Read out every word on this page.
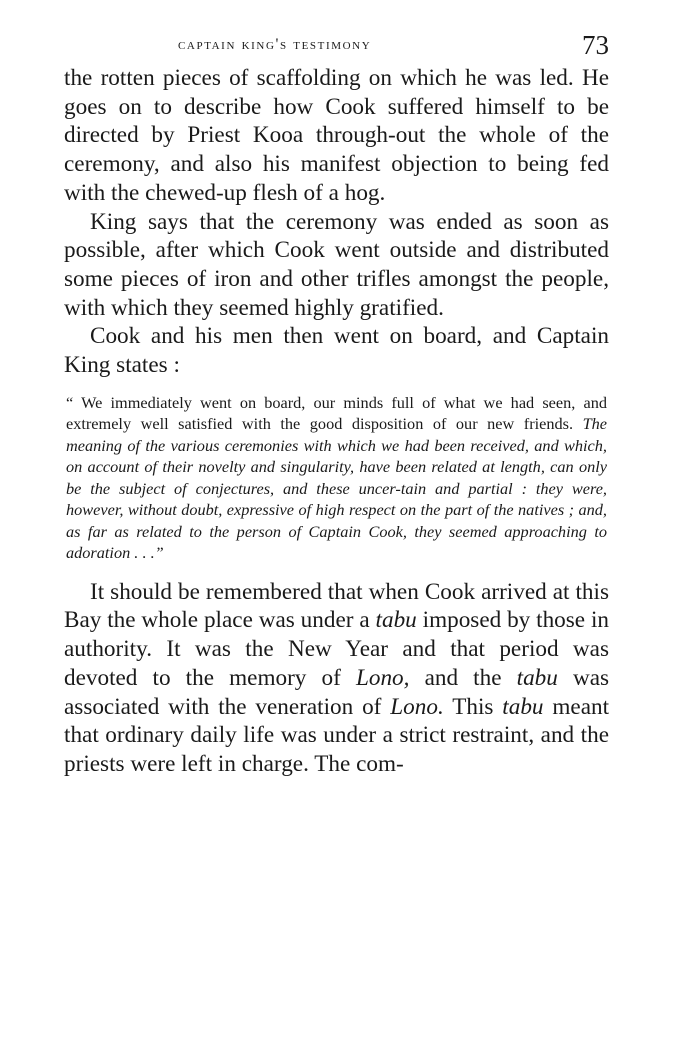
captain king's testimony	73

the rotten pieces of scaffolding on which he was led. He goes on to describe how Cook suffered himself to be directed by Priest Kooa through-out the whole of the ceremony, and also his manifest objection to being fed with the chewed-up flesh of a hog.

King says that the ceremony was ended as soon as possible, after which Cook went outside and distributed some pieces of iron and other trifles amongst the people, with which they seemed highly gratified.

Cook and his men then went on board, and Captain King states :

“ We immediately went on board, our minds full of what we had seen, and extremely well satisfied with the good disposition of our new friends. The meaning of the various ceremonies with which we had been received, and which, on account of their novelty and singularity, have been related at length, can only be the subject of conjectures, and these uncer-tain and partial : they were, however, without doubt, expressive of high respect on the part of the natives ; and, as far as related to the person of Captain Cook, they seemed approaching to adoration . . .”

It should be remembered that when Cook arrived at this Bay the whole place was under a tabu imposed by those in authority. It was the New Year and that period was devoted to the memory of Lono, and the tabu was associated with the veneration of Lono. This tabu meant that ordinary daily life was under a strict restraint, and the priests were left in charge. The com-
